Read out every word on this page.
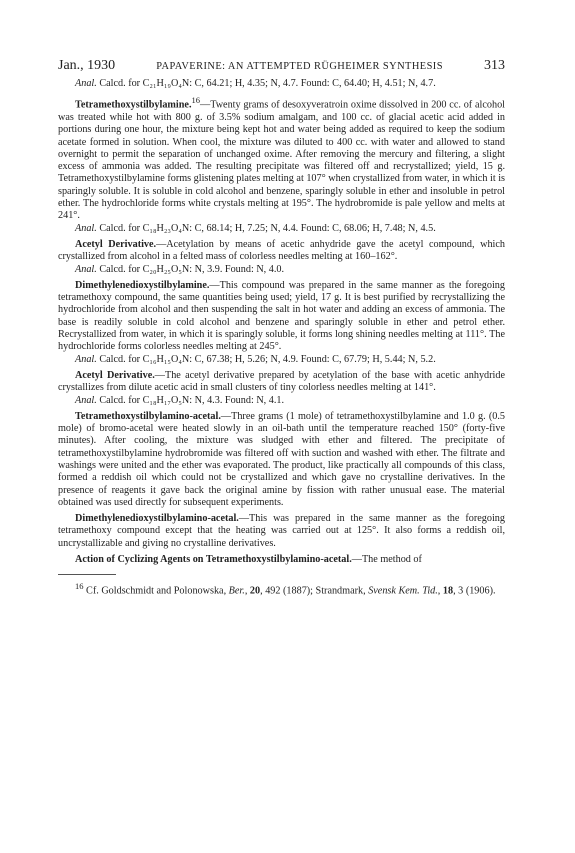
Jan., 1930	PAPAVERINE: AN ATTEMPTED RÜGHEIMER SYNTHESIS	313

Anal. Calcd. for C₂₁H₁₉O₄N: C, 64.21; H, 4.35; N, 4.7. Found: C, 64.40; H, 4.51; N, 4.7.

Tetramethoxystilbylamine.$^{16}$—Twenty grams of desoxyveratroin oxime dissolved in 200 cc. of alcohol was treated while hot with 800 g. of 3.5% sodium amalgam, and 100 cc. of glacial acetic acid added in portions during one hour, the mixture being kept hot and water being added as required to keep the sodium acetate formed in solution. When cool, the mixture was diluted to 400 cc. with water and allowed to stand overnight to permit the separation of unchanged oxime. After removing the mercury and filtering, a slight excess of ammonia was added. The resulting precipitate was filtered off and recrystallized; yield, 15 g. Tetramethoxystilbylamine forms glistening plates melting at 107° when crystallized from water, in which it is sparingly soluble. It is soluble in cold alcohol and benzene, sparingly soluble in ether and insoluble in petrol ether. The hydrochloride forms white crystals melting at 195°. The hydrobromide is pale yellow and melts at 241°.

Anal. Calcd. for C₁₈H₂₃O₄N: C, 68.14; H, 7.25; N, 4.4. Found: C, 68.06; H, 7.48; N, 4.5.

Acetyl Derivative.—Acetylation by means of acetic anhydride gave the acetyl compound, which crystallized from alcohol in a felted mass of colorless needles melting at 160–162°.

Anal. Calcd. for C₂₀H₂₅O₅N: N, 3.9. Found: N, 4.0.

Dimethylenedioxystilbylamine.—This compound was prepared in the same manner as the foregoing tetramethoxy compound, the same quantities being used; yield, 17 g. It is best purified by recrystallizing the hydrochloride from alcohol and then suspending the salt in hot water and adding an excess of ammonia. The base is readily soluble in cold alcohol and benzene and sparingly soluble in ether and petrol ether. Recrystallized from water, in which it is sparingly soluble, it forms long shining needles melting at 111°. The hydrochloride forms colorless needles melting at 245°.

Anal. Calcd. for C₁₆H₁₅O₄N: C, 67.38; H, 5.26; N, 4.9. Found: C, 67.79; H, 5.44; N, 5.2.

Acetyl Derivative.—The acetyl derivative prepared by acetylation of the base with acetic anhydride crystallizes from dilute acetic acid in small clusters of tiny colorless needles melting at 141°.

Anal. Calcd. for C₁₈H₁₇O₅N: N, 4.3. Found: N, 4.1.

Tetramethoxystilbylamino-acetal.—Three grams (1 mole) of tetramethoxystilbylamine and 1.0 g. (0.5 mole) of bromo-acetal were heated slowly in an oil-bath until the temperature reached 150° (forty-five minutes). After cooling, the mixture was sludged with ether and filtered. The precipitate of tetramethoxystilbylamine hydrobromide was filtered off with suction and washed with ether. The filtrate and washings were united and the ether was evaporated. The product, like practically all compounds of this class, formed a reddish oil which could not be crystallized and which gave no crystalline derivatives. In the presence of reagents it gave back the original amine by fission with rather unusual ease. The material obtained was used directly for subsequent experiments.

Dimethylenedioxystilbylamino-acetal.—This was prepared in the same manner as the foregoing tetramethoxy compound except that the heating was carried out at 125°. It also forms a reddish oil, uncrystallizable and giving no crystalline derivatives.

Action of Cyclizing Agents on Tetramethoxystilbylamino-acetal.—The method of

$^{16}$ Cf. Goldschmidt and Polonowska, Ber., 20, 492 (1887); Strandmark, Svensk Kem. Tid., 18, 3 (1906).
